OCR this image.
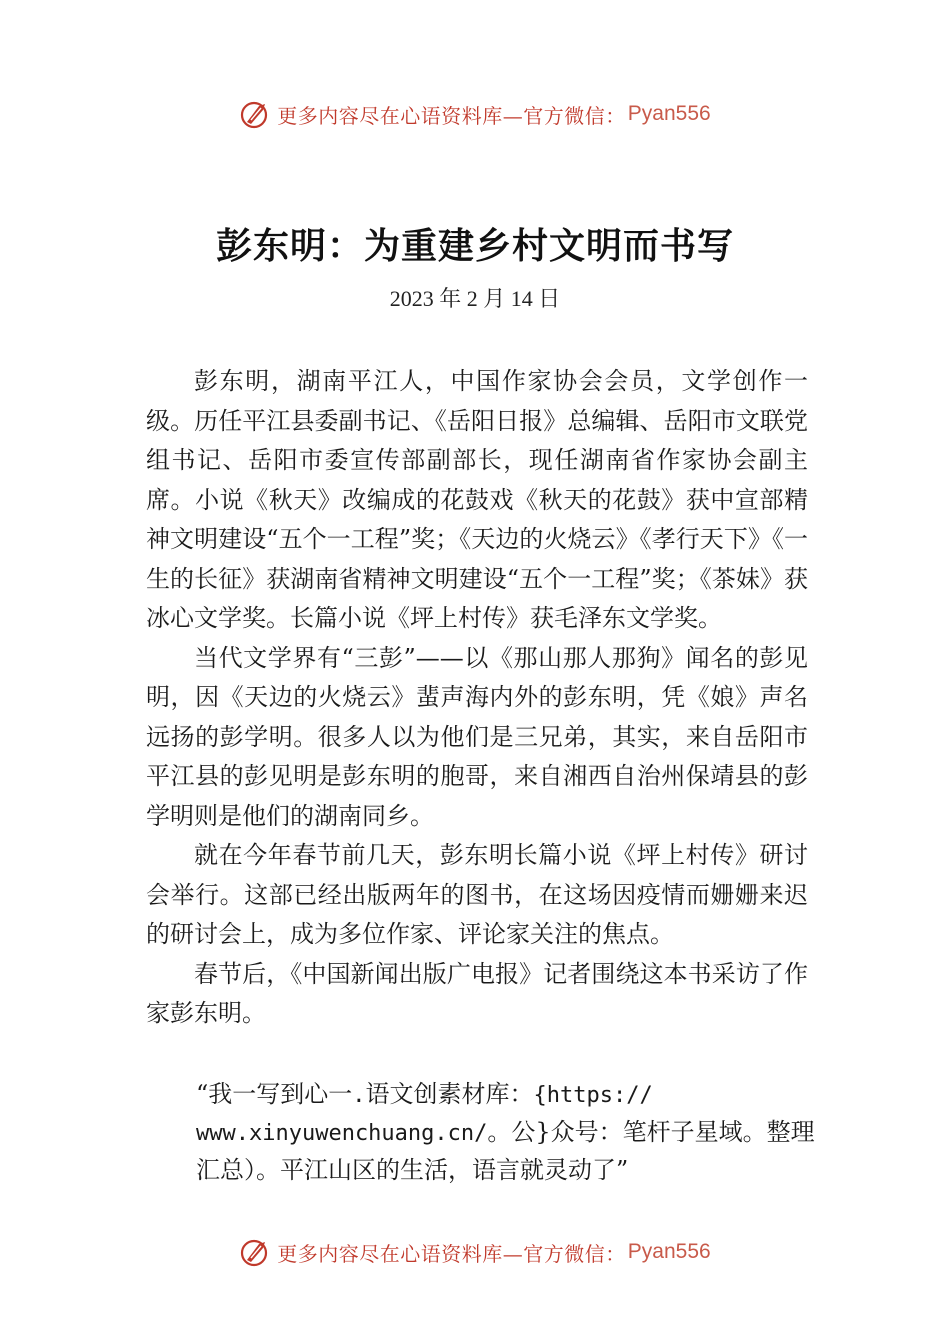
更多内容尽在心语资料库—官方微信： Pyan556
彭东明：为重建乡村文明而书写
2023 年 2 月 14 日

彭东明，湖南平江人，中国作家协会会员，文学创作一级。历任平江县委副书记、《岳阳日报》总编辑、岳阳市文联党组书记、岳阳市委宣传部副部长，现任湖南省作家协会副主席。小说《秋天》改编成的花鼓戏《秋天的花鼓》获中宣部精神文明建设“五个一工程”奖；《天边的火烧云》《孝行天下》《一生的长征》获湖南省精神文明建设“五个一工程”奖；《茶妹》获冰心文学奖。长篇小说《坪上村传》获毛泽东文学奖。

当代文学界有“三彭”——以《那山那人那狗》闻名的彭见明，因《天边的火烧云》蜚声海内外的彭东明，凭《娘》声名远扬的彭学明。很多人以为他们是三兄弟，其实，来自岳阳市平江县的彭见明是彭东明的胞哥，来自湘西自治州保靖县的彭学明则是他们的湖南同乡。

就在今年春节前几天，彭东明长篇小说《坪上村传》研讨会举行。这部已经出版两年的图书，在这场因疫情而姗姗来迟的研讨会上，成为多位作家、评论家关注的焦点。

春节后，《中国新闻出版广电报》记者围绕这本书采访了作家彭东明。

“我一写到心一.语文创素材库：{https://
www.xinyuwenchuang.cn/。公}众号：笔杆子星域。整理
汇总）。平江山区的生活，语言就灵动了”
更多内容尽在心语资料库—官方微信： Pyan556
